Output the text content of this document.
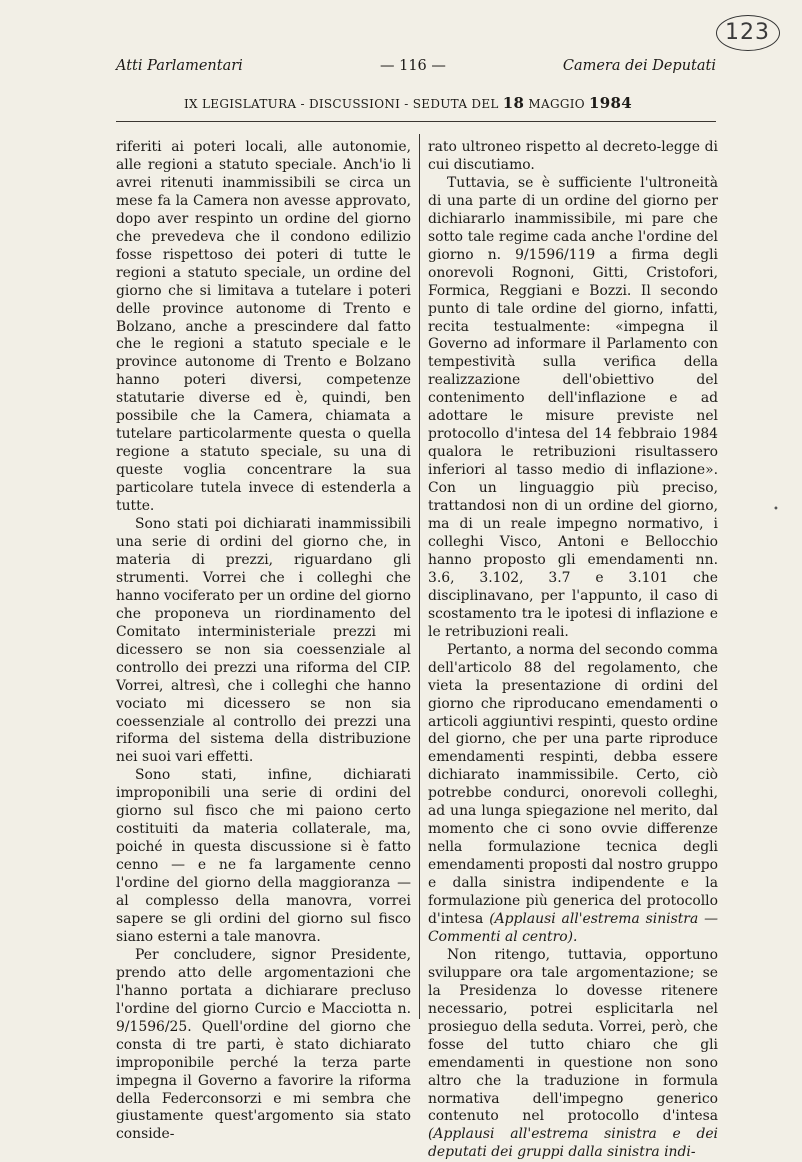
Atti Parlamentari	— 116 —	Camera dei Deputati
123
IX LEGISLATURA - DISCUSSIONI - SEDUTA DEL 18 MAGGIO 1984

riferiti ai poteri locali, alle autonomie, alle regioni a statuto speciale. Anch'io li avrei ritenuti inammissibili se circa un mese fa la Camera non avesse approvato, dopo aver respinto un ordine del giorno che prevedeva che il condono edilizio fosse rispettoso dei poteri di tutte le regioni a statuto speciale, un ordine del giorno che si limitava a tutelare i poteri delle province autonome di Trento e Bolzano, anche a prescindere dal fatto che le regioni a statuto speciale e le province autonome di Trento e Bolzano hanno poteri diversi, competenze statutarie diverse ed è, quindi, ben possibile che la Camera, chiamata a tutelare particolarmente questa o quella regione a statuto speciale, su una di queste voglia concentrare la sua particolare tutela invece di estenderla a tutte.

Sono stati poi dichiarati inammissibili una serie di ordini del giorno che, in materia di prezzi, riguardano gli strumenti. Vorrei che i colleghi che hanno vociferato per un ordine del giorno che proponeva un riordinamento del Comitato interministeriale prezzi mi dicessero se non sia coessenziale al controllo dei prezzi una riforma del CIP. Vorrei, altresì, che i colleghi che hanno vociato mi dicessero se non sia coessenziale al controllo dei prezzi una riforma del sistema della distribuzione nei suoi vari effetti.

Sono stati, infine, dichiarati improponibili una serie di ordini del giorno sul fisco che mi paiono certo costituiti da materia collaterale, ma, poiché in questa discussione si è fatto cenno — e ne fa largamente cenno l'ordine del giorno della maggioranza — al complesso della manovra, vorrei sapere se gli ordini del giorno sul fisco siano esterni a tale manovra.

Per concludere, signor Presidente, prendo atto delle argomentazioni che l'hanno portata a dichiarare precluso l'ordine del giorno Curcio e Macciotta n. 9/1596/25. Quell'ordine del giorno che consta di tre parti, è stato dichiarato improponibile perché la terza parte impegna il Governo a favorire la riforma della Federconsorzi e mi sembra che giustamente quest'argomento sia stato conside-

rato ultroneo rispetto al decreto-legge di cui discutiamo.

Tuttavia, se è sufficiente l'ultroneità di una parte di un ordine del giorno per dichiararlo inammissibile, mi pare che sotto tale regime cada anche l'ordine del giorno n. 9/1596/119 a firma degli onorevoli Rognoni, Gitti, Cristofori, Formica, Reggiani e Bozzi. Il secondo punto di tale ordine del giorno, infatti, recita testualmente: «impegna il Governo ad informare il Parlamento con tempestività sulla verifica della realizzazione dell'obiettivo del contenimento dell'inflazione e ad adottare le misure previste nel protocollo d'intesa del 14 febbraio 1984 qualora le retribuzioni risultassero inferiori al tasso medio di inflazione». Con un linguaggio più preciso, trattandosi non di un ordine del giorno, ma di un reale impegno normativo, i colleghi Visco, Antoni e Bellocchio hanno proposto gli emendamenti nn. 3.6, 3.102, 3.7 e 3.101 che disciplinavano, per l'appunto, il caso di scostamento tra le ipotesi di inflazione e le retribuzioni reali.

Pertanto, a norma del secondo comma dell'articolo 88 del regolamento, che vieta la presentazione di ordini del giorno che riproducano emendamenti o articoli aggiuntivi respinti, questo ordine del giorno, che per una parte riproduce emendamenti respinti, debba essere dichiarato inammissibile. Certo, ciò potrebbe condurci, onorevoli colleghi, ad una lunga spiegazione nel merito, dal momento che ci sono ovvie differenze nella formulazione tecnica degli emendamenti proposti dal nostro gruppo e dalla sinistra indipendente e la formulazione più generica del protocollo d'intesa (Applausi all'estrema sinistra — Commenti al centro).

Non ritengo, tuttavia, opportuno sviluppare ora tale argomentazione; se la Presidenza lo dovesse ritenere necessario, potrei esplicitarla nel prosieguo della seduta. Vorrei, però, che fosse del tutto chiaro che gli emendamenti in questione non sono altro che la traduzione in formula normativa dell'impegno generico contenuto nel protocollo d'intesa (Applausi all'estrema sinistra e dei deputati dei gruppi dalla sinistra indi-

•
